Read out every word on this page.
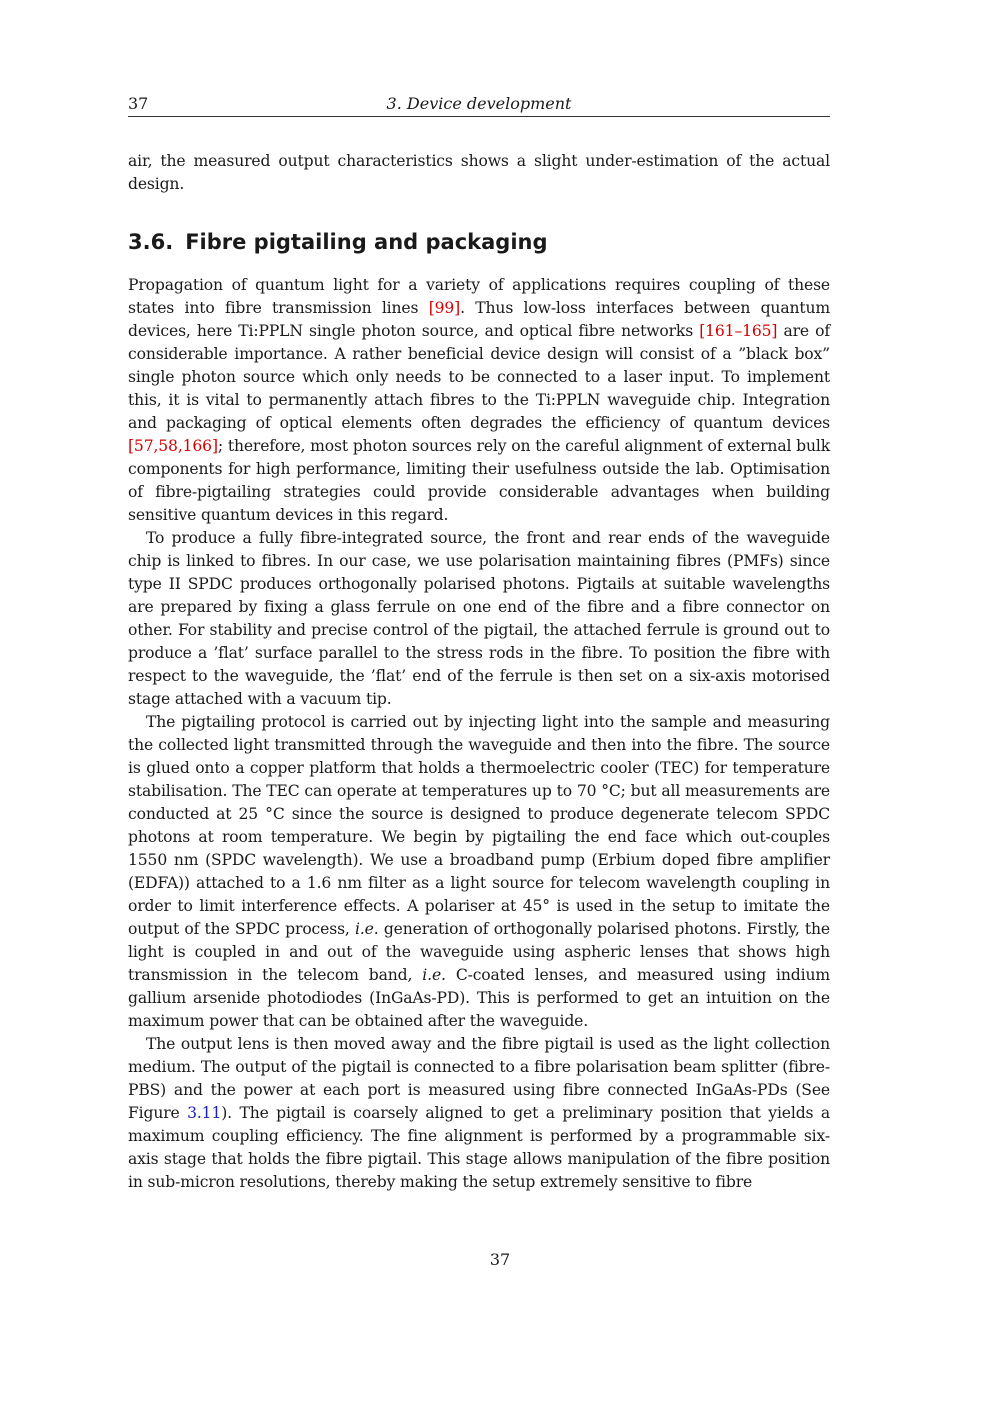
37	3. Device development

air, the measured output characteristics shows a slight under-estimation of the actual design.

3.6. Fibre pigtailing and packaging

Propagation of quantum light for a variety of applications requires coupling of these states into fibre transmission lines [99]. Thus low-loss interfaces between quantum devices, here Ti:PPLN single photon source, and optical fibre networks [161–165] are of considerable importance. A rather beneficial device design will consist of a ”black box” single photon source which only needs to be connected to a laser input. To implement this, it is vital to permanently attach fibres to the Ti:PPLN waveguide chip. Integration and packaging of optical elements often degrades the efficiency of quantum devices [57,58,166]; therefore, most photon sources rely on the careful alignment of external bulk components for high performance, limiting their usefulness outside the lab. Optimisation of fibre-pigtailing strategies could provide considerable advantages when building sensitive quantum devices in this regard.

To produce a fully fibre-integrated source, the front and rear ends of the waveguide chip is linked to fibres. In our case, we use polarisation maintaining fibres (PMFs) since type II SPDC produces orthogonally polarised photons. Pigtails at suitable wavelengths are prepared by fixing a glass ferrule on one end of the fibre and a fibre connector on other. For stability and precise control of the pigtail, the attached ferrule is ground out to produce a ’flat’ surface parallel to the stress rods in the fibre. To position the fibre with respect to the waveguide, the ’flat’ end of the ferrule is then set on a six-axis motorised stage attached with a vacuum tip.

The pigtailing protocol is carried out by injecting light into the sample and measuring the collected light transmitted through the waveguide and then into the fibre. The source is glued onto a copper platform that holds a thermoelectric cooler (TEC) for temperature stabilisation. The TEC can operate at temperatures up to 70 °C; but all measurements are conducted at 25 °C since the source is designed to produce degenerate telecom SPDC photons at room temperature. We begin by pigtailing the end face which out-couples 1550 nm (SPDC wavelength). We use a broadband pump (Erbium doped fibre amplifier (EDFA)) attached to a 1.6 nm filter as a light source for telecom wavelength coupling in order to limit interference effects. A polariser at 45° is used in the setup to imitate the output of the SPDC process, i.e. generation of orthogonally polarised photons. Firstly, the light is coupled in and out of the waveguide using aspheric lenses that shows high transmission in the telecom band, i.e. C-coated lenses, and measured using indium gallium arsenide photodiodes (InGaAs-PD). This is performed to get an intuition on the maximum power that can be obtained after the waveguide.

The output lens is then moved away and the fibre pigtail is used as the light collection medium. The output of the pigtail is connected to a fibre polarisation beam splitter (fibre-PBS) and the power at each port is measured using fibre connected InGaAs-PDs (See Figure 3.11). The pigtail is coarsely aligned to get a preliminary position that yields a maximum coupling efficiency. The fine alignment is performed by a programmable six-axis stage that holds the fibre pigtail. This stage allows manipulation of the fibre position in sub-micron resolutions, thereby making the setup extremely sensitive to fibre

37
